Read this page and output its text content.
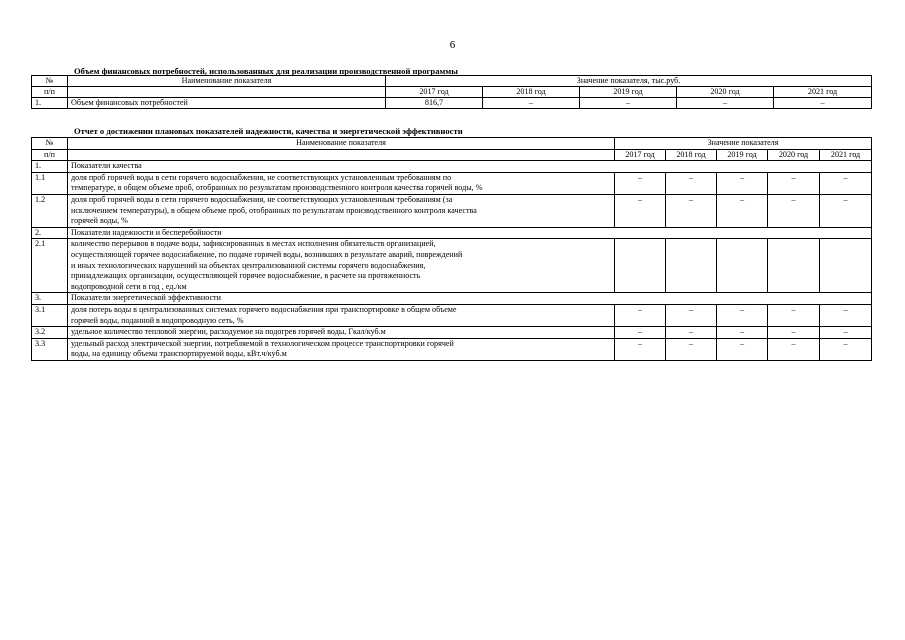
6
Объем финансовых потребностей, использованных для реализации производственной программы
№	Наименование показателя	Значение показателя, тыс.руб.				
п/п		2017 год	2018 год	2019 год	2020 год	2021 год
1.	Объем финансовых потребностей	816,7	–	–	–	–
Отчет о достижении плановых показателей надежности, качества и энергетической эффективности
№	Наименование показателя	Значение показателя				
п/п		2017 год	2018 год	2019 год	2020 год	2021 год
1.	Показатели качества					
1.1	доля проб горячей воды в сети горячего водоснабжения, не соответствующих установленным требованиям по
температуре, в общем объеме проб, отобранных по результатам производственного контроля качества горячей воды, %	–	–	–	–	–
1.2	доля проб горячей воды в сети горячего водоснабжения, не соответствующих установленным требованиям (за
исключением температуры), в общем объеме проб, отобранных по результатам производственного контроля качества
горячей воды, %	–	–	–	–	–
2.	Показатели надежности и бесперебойности					
2.1	количество перерывов в подаче воды, зафиксированных в местах исполнения обязательств организацией,
осуществляющей горячее водоснабжение, по подаче горячей воды, возникших в результате аварий, повреждений
и иных технологических нарушений на объектах централизованной системы горячего водоснабжения,
принадлежащих организации, осуществляющей горячее водоснабжение, в расчете на протяженность
водопроводной сети в год , ед./км					

3.	Показатели энергетической эффективности					
3.1	доля потерь воды в централизованных системах горячего водоснабжения при транспортировке в общем объеме
горячей воды, поданной в водопроводную сеть, %	–	–	–	–	–
3.2	удельное количество тепловой энергии, расходуемое на подогрев горячей воды, Гкал/куб.м	–	–	–	–	–
3.3	удельный расход электрической энергии, потребляемой в технологическом процессе транспортировки горячей
воды, на единицу объема транспортируемой воды, кВт.ч/куб.м	–	–	–	–	–
